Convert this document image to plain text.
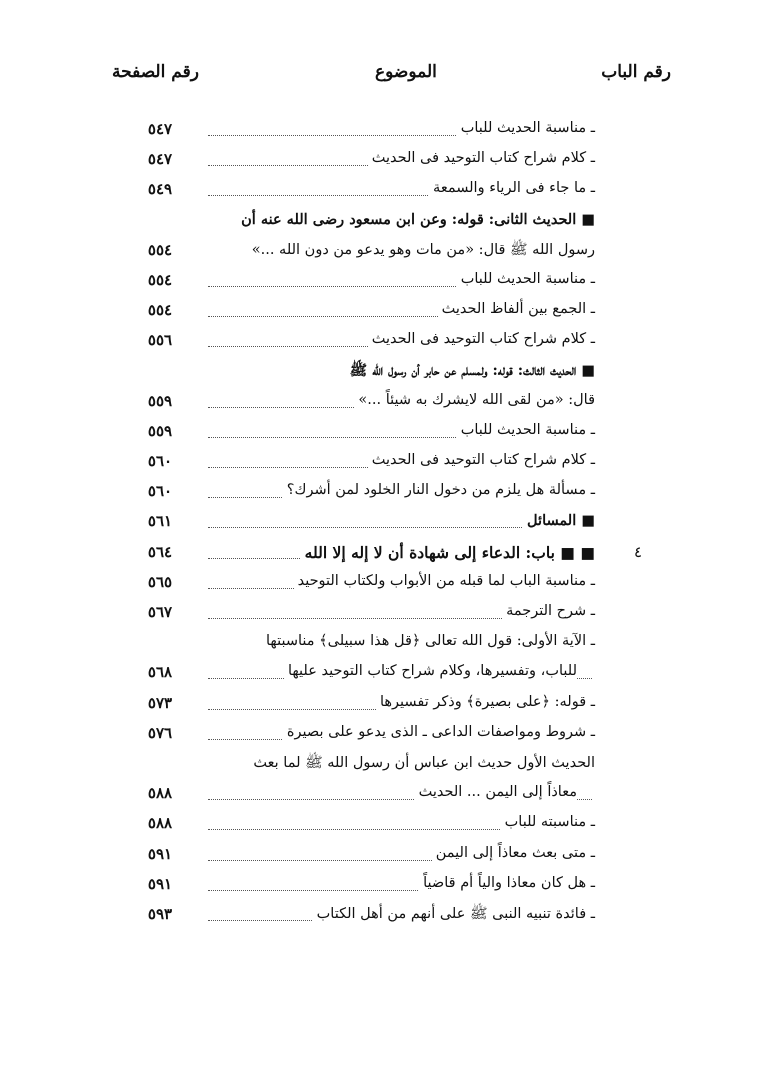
رقم الباب
الموضوع
رقم الصفحة
ـ مناسبة الحديث للباب
٥٤٧
ـ كلام شراح كتاب التوحيد فى الحديث
٥٤٧
ـ ما جاء فى الرياء والسمعة
٥٤٩
■ الحديث الثانى: قوله: وعن ابن مسعود رضى الله عنه أن
رسول الله ﷺ قال: «من مات وهو يدعو من دون الله ...»
٥٥٤
ـ مناسبة الحديث للباب
٥٥٤
ـ الجمع بين ألفاظ الحديث
٥٥٤
ـ كلام شراح كتاب التوحيد فى الحديث
٥٥٦
■ الحديث الثالث: قوله: ولمسلم عن حابر أن رسول الله ﷺ
قال: «من لقى الله لايشرك به شيئاً ...»
٥٥٩
ـ مناسبة الحديث للباب
٥٥٩
ـ كلام شراح كتاب التوحيد فى الحديث
٥٦٠
ـ مسألة هل يلزم من دخول النار الخلود لمن أشرك؟
٥٦٠
■ المسائل
٥٦١
٤
■ ■ باب: الدعاء إلى شهادة أن لا إله إلا الله
٥٦٤
ـ مناسبة الباب لما قبله من الأبواب ولكتاب التوحيد
٥٦٥
ـ شرح الترجمة
٥٦٧
ـ الآية الأولى: قول الله تعالى ﴿قل هذا سبيلى﴾ مناسبتها
للباب، وتفسيرها، وكلام شراح كتاب التوحيد عليها
٥٦٨
ـ قوله: ﴿على بصيرة﴾ وذكر تفسيرها
٥٧٣
ـ شروط ومواصفات الداعى ـ الذى يدعو على بصيرة
٥٧٦
الحديث الأول حديث ابن عباس أن رسول الله ﷺ لما بعث
معاذاً إلى اليمن ... الحديث
٥٨٨
ـ مناسبته للباب
٥٨٨
ـ متى بعث معاذاً إلى اليمن
٥٩١
ـ هل كان معاذا والياً أم قاضياً
٥٩١
ـ فائدة تنبيه النبى ﷺ على أنهم من أهل الكتاب
٥٩٣
